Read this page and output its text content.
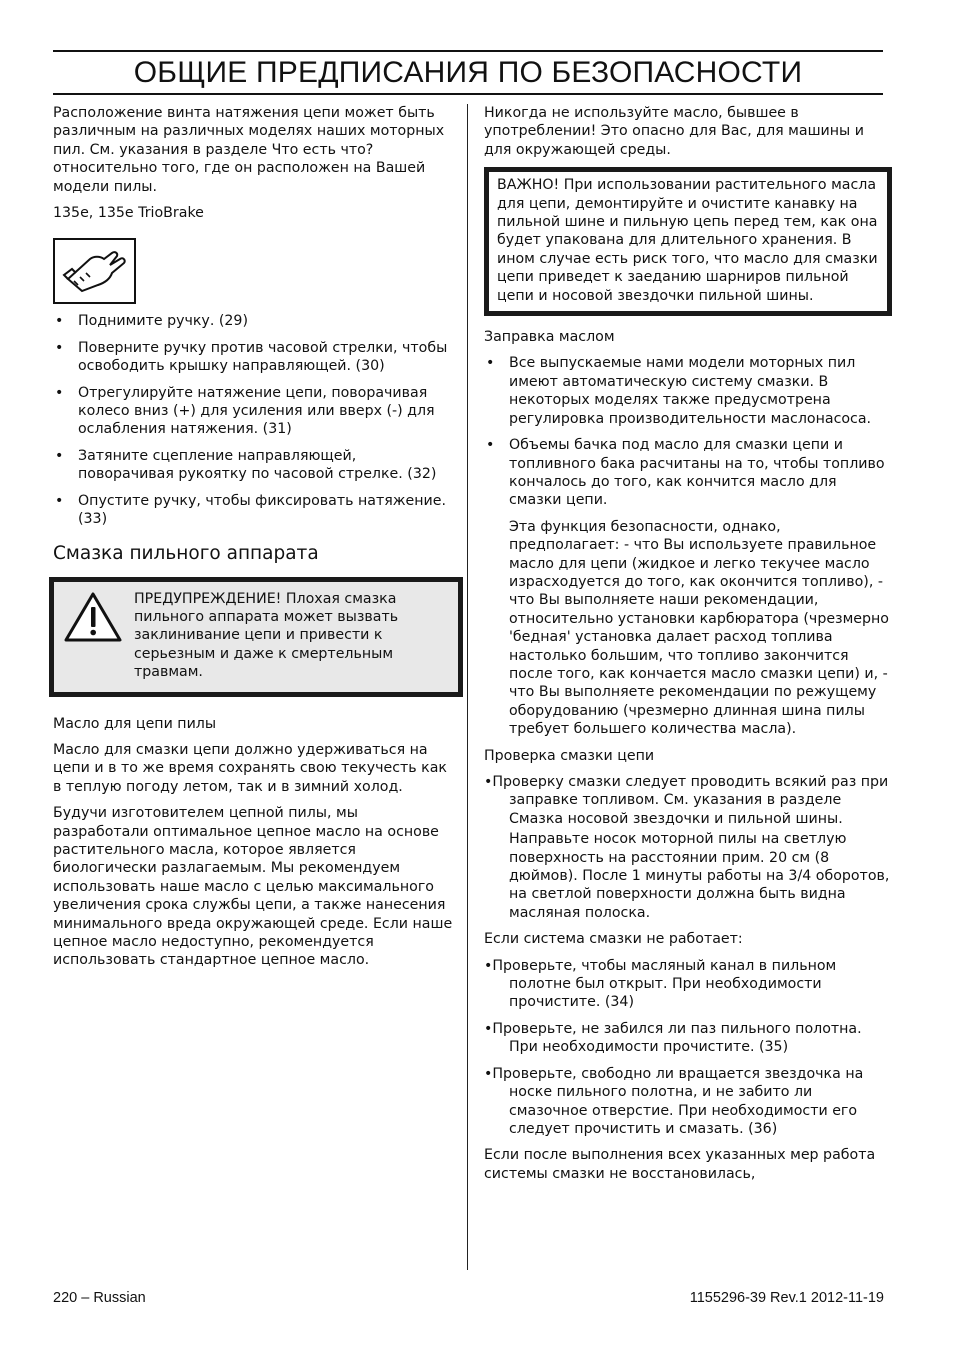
ОБЩИЕ ПРЕДПИСАНИЯ ПО БЕЗОПАСНОСТИ

Расположение винта натяжения цепи может быть различным на различных моделях наших моторных пил. См. указания в разделе Что есть что? относительно того, где он расположен на Вашей модели пилы.

135e, 135e TrioBrake

• Поднимите ручку. (29)
• Поверните ручку против часовой стрелки, чтобы освободить крышку направляющей. (30)
• Отрегулируйте натяжение цепи, поворачивая колесо вниз (+) для усиления или вверх (-) для ослабления натяжения. (31)
• Затяните сцепление направляющей, поворачивая рукоятку по часовой стрелке. (32)
• Опустите ручку, чтобы фиксировать натяжение. (33)
Смазка пильного аппарата
ПРЕДУПРЕЖДЕНИЕ! Плохая смазка пильного аппарата может вызвать заклинивание цепи и привести к серьезным и даже к смертельным травмам.

Масло для цепи пилы

Масло для смазки цепи должно удерживаться на цепи и в то же время сохранять свою текучесть как в теплую погоду летом, так и в зимний холод.

Будучи изготовителем цепной пилы, мы разработали оптимальное цепное масло на основе растительного масла, которое является биологически разлагаемым. Мы рекомендуем использовать наше масло с целью максимального увеличения срока службы цепи, а также нанесения минимального вреда окружающей среде. Если наше цепное масло недоступно, рекомендуется использовать стандартное цепное масло.

Никогда не используйте масло, бывшее в употреблении! Это опасно для Вас, для машины и для окружающей среды.

ВАЖНО! При использовании растительного масла для цепи, демонтируйте и очистите канавку на пильной шине и пильную цепь перед тем, как она будет упакована для длительного хранения. В ином случае есть риск того, что масло для смазки цепи приведет к заеданию шарниров пильной цепи и носовой звездочки пильной шины.

Заправка маслом

• Все выпускаемые нами модели моторных пил имеют автоматическую систему смазки. В некоторых моделях также предусмотрена регулировка производительности маслонасоса.
• Объемы бачка под масло для смазки цепи и топливного бака расчитаны на то, чтобы топливо кончалось до того, как кончится масло для смазки цепи.
Эта функция безопасности, однако, предполагает: - что Вы используете правильное масло для цепи (жидкое и легко текучее масло израсходуется до того, как окончится топливо), - что Вы выполняете наши рекомендации, относительно установки карбюратора (чрезмерно 'бедная' установка далает расход топлива настолько большим, что топливо закончится после того, как кончается масло смазки цепи) и, - что Вы выполняете рекомендации по режущему оборудованию (чрезмерно длинная шина пилы требует большего количества масла).

Проверка смазки цепи

•Проверку смазки следует проводить всякий раз при заправке топливом. См. указания в разделе Смазка носовой звездочки и пильной шины.
Направьте носок моторной пилы на светлую поверхность на расстоянии прим. 20 см (8 дюймов). После 1 минуты работы на 3/4 оборотов, на светлой поверхности должна быть видна масляная полоска.

Если система смазки не работает:

•Проверьте, чтобы масляный канал в пильном полотне был открыт. При необходимости прочистите. (34)
•Проверьте, не забился ли паз пильного полотна. При необходимости прочистите. (35)
•Проверьте, свободно ли вращается звездочка на носке пильного полотна, и не забито ли смазочное отверстие. При необходимости его следует прочистить и смазать. (36)

Если после выполнения всех указанных мер работа системы смазки не восстановилась,

220 – Russian	1155296-39 Rev.1 2012-11-19
